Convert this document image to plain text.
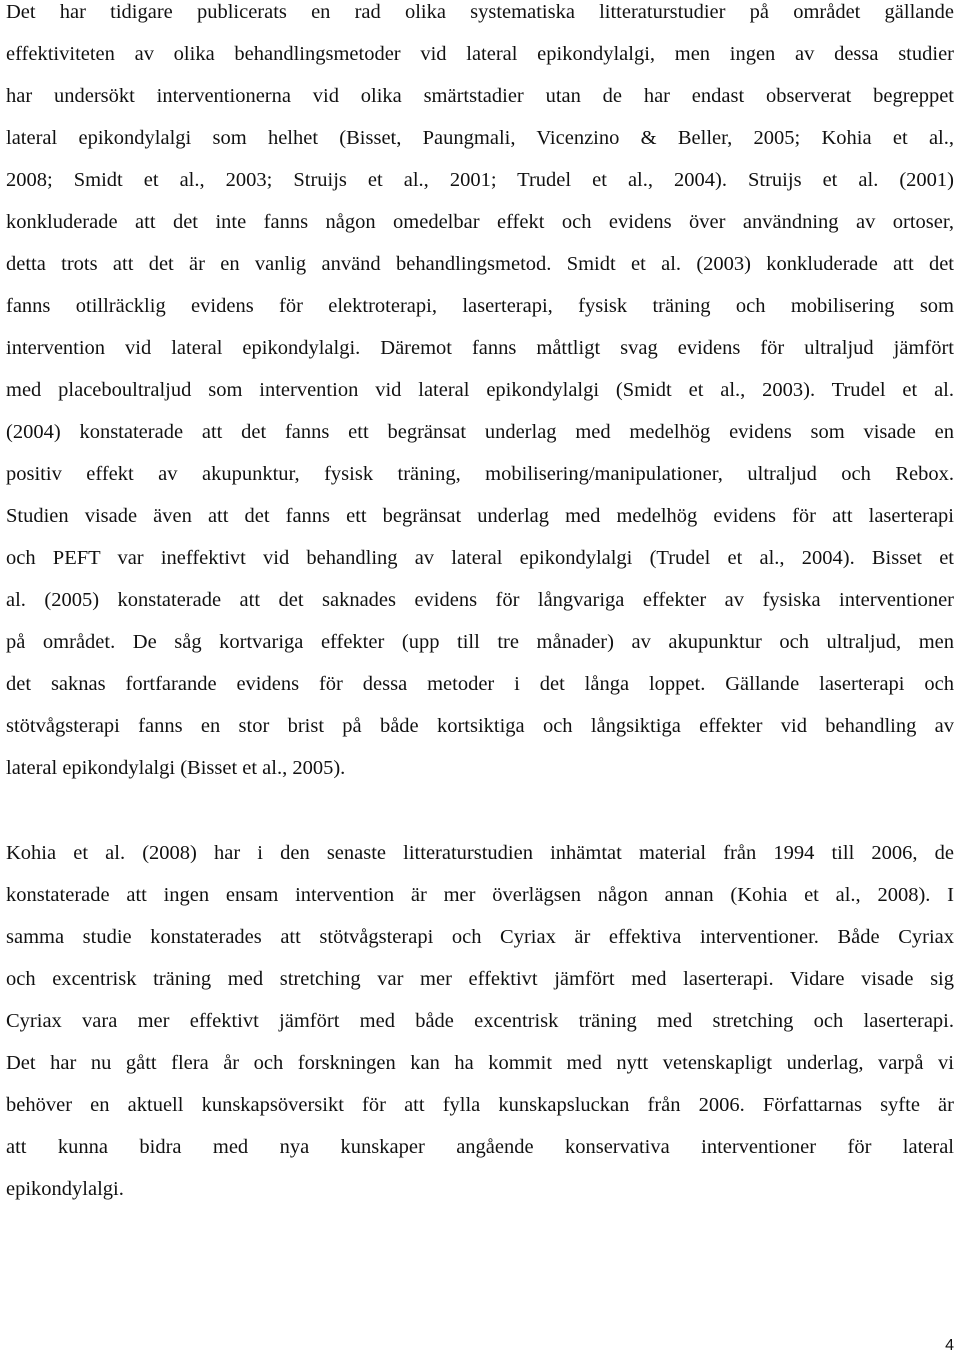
Det har tidigare publicerats en rad olika systematiska litteraturstudier på området gällande
effektiviteten av olika behandlingsmetoder vid lateral epikondylalgi, men ingen av dessa studier
har undersökt interventionerna vid olika smärtstadier utan de har endast observerat begreppet
lateral epikondylalgi som helhet (Bisset, Paungmali, Vicenzino & Beller, 2005; Kohia et al.,
2008; Smidt et al., 2003; Struijs et al., 2001; Trudel et al., 2004). Struijs et al. (2001)
konkluderade att det inte fanns någon omedelbar effekt och evidens över användning av ortoser,
detta trots att det är en vanlig använd behandlingsmetod. Smidt et al. (2003) konkluderade att det
fanns otillräcklig evidens för elektroterapi, laserterapi, fysisk träning och mobilisering som
intervention vid lateral epikondylalgi. Däremot fanns måttligt svag evidens för ultraljud jämfört
med placeboultraljud som intervention vid lateral epikondylalgi (Smidt et al., 2003). Trudel et al.
(2004) konstaterade att det fanns ett begränsat underlag med medelhög evidens som visade en
positiv effekt av akupunktur, fysisk träning, mobilisering/manipulationer, ultraljud och Rebox.
Studien visade även att det fanns ett begränsat underlag med medelhög evidens för att laserterapi
och PEFT var ineffektivt vid behandling av lateral epikondylalgi (Trudel et al., 2004). Bisset et
al. (2005) konstaterade att det saknades evidens för långvariga effekter av fysiska interventioner
på området. De såg kortvariga effekter (upp till tre månader) av akupunktur och ultraljud, men
det saknas fortfarande evidens för dessa metoder i det långa loppet. Gällande laserterapi och
stötvågsterapi fanns en stor brist på både kortsiktiga och långsiktiga effekter vid behandling av
lateral epikondylalgi (Bisset et al., 2005).
Kohia et al. (2008) har i den senaste litteraturstudien inhämtat material från 1994 till 2006, de
konstaterade att ingen ensam intervention är mer överlägsen någon annan (Kohia et al., 2008). I
samma studie konstaterades att stötvågsterapi och Cyriax är effektiva interventioner. Både Cyriax
och excentrisk träning med stretching var mer effektivt jämfört med laserterapi. Vidare visade sig
Cyriax vara mer effektivt jämfört med både excentrisk träning med stretching och laserterapi.
Det har nu gått flera år och forskningen kan ha kommit med nytt vetenskapligt underlag, varpå vi
behöver en aktuell kunskapsöversikt för att fylla kunskapsluckan från 2006. Författarnas syfte är
att kunna bidra med nya kunskaper angående konservativa interventioner för lateral
epikondylalgi.
4
